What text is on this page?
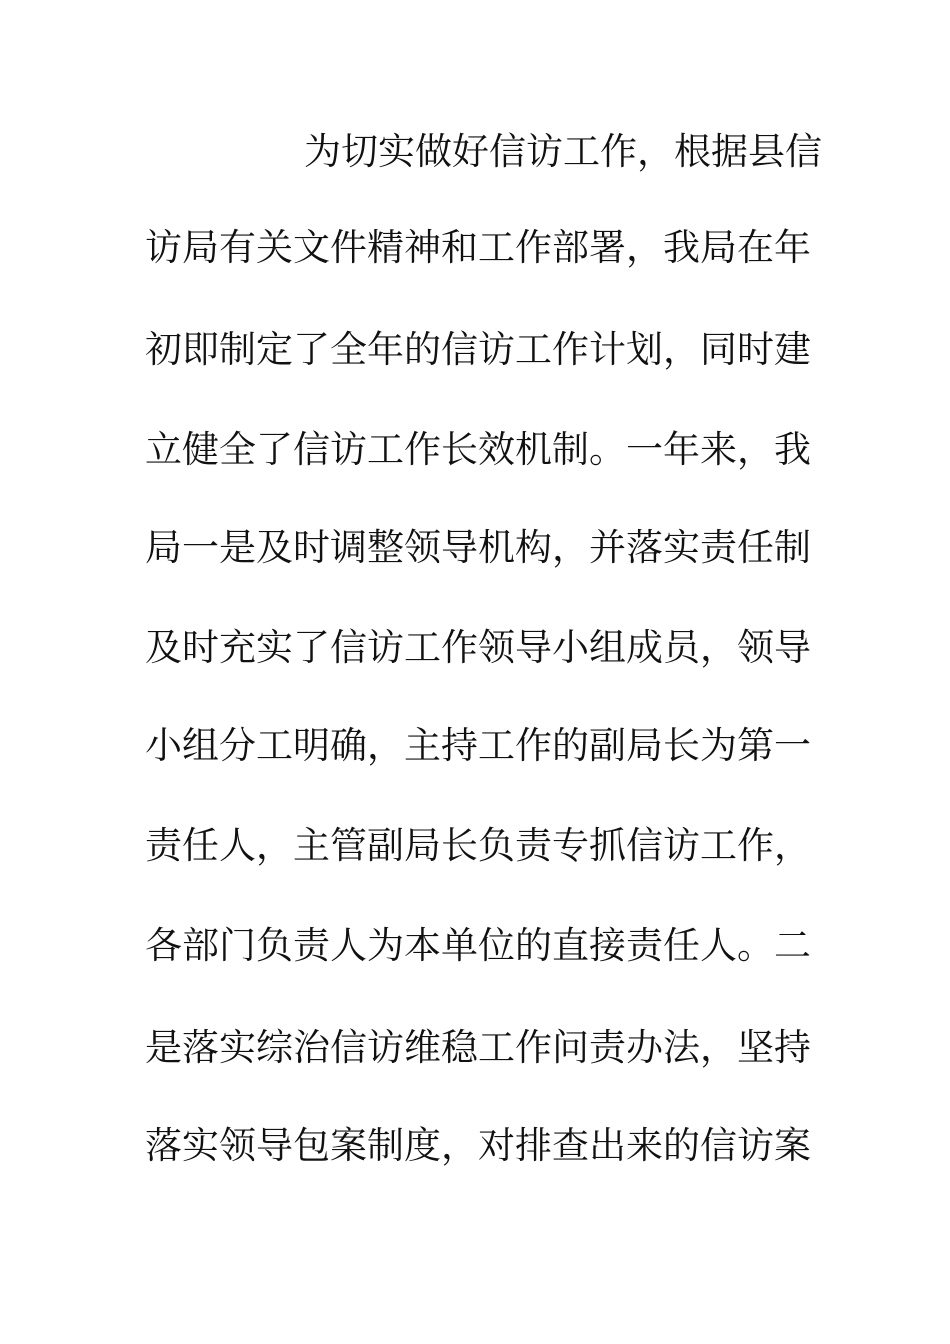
为切实做好信访工作，根据县信
访局有关文件精神和工作部署，我局在年
初即制定了全年的信访工作计划，同时建
立健全了信访工作长效机制。一年来，我
局一是及时调整领导机构，并落实责任制
及时充实了信访工作领导小组成员，领导
小组分工明确，主持工作的副局长为第一
责任人，主管副局长负责专抓信访工作，
各部门负责人为本单位的直接责任人。二
是落实综治信访维稳工作问责办法，坚持
落实领导包案制度，对排查出来的信访案
